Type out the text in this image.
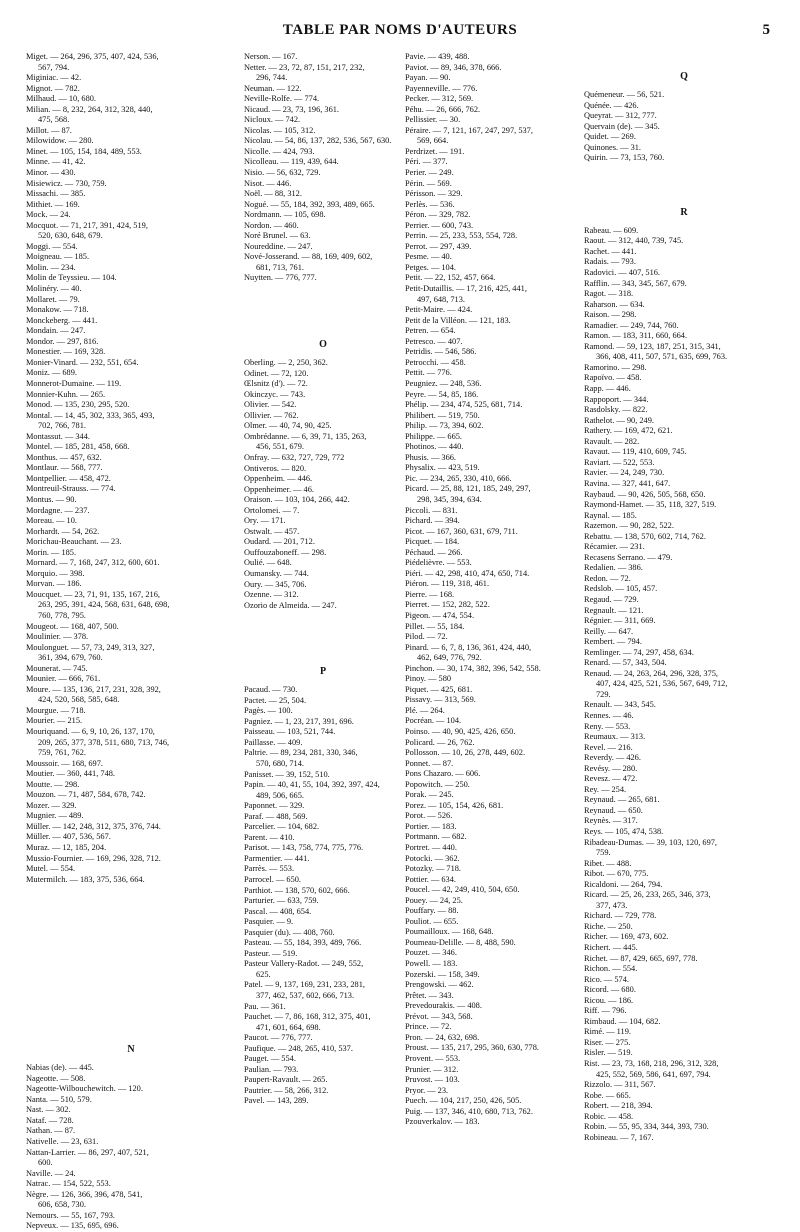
TABLE PAR NOMS D'AUTEURS	5
Miget. — 264, 296, 375, 407, 424, 536,
567, 794.
Miginiac. — 42.
Mignot. — 782.
Milhaud. — 10, 680.
Milian. — 8, 232, 264, 312, 328, 440,
475, 568.
Millot. — 87.
Milowidow. — 280.
Minet. — 105, 154, 184, 489, 553.
Minne. — 41, 42.
Minor. — 430.
Misiewicz. — 730, 759.
Missachi. — 385.
Mithiet. — 169.
Mock. — 24.
Mocquot. — 71, 217, 391, 424, 519,
520, 630, 648, 679.
Moggi. — 554.
Moigneau. — 185.
Molin. — 234.
Molin de Teyssieu. — 104.
Molinéry. — 40.
Mollaret. — 79.
Monakow. — 718.
Monckeberg. — 441.
Mondain. — 247.
Mondor. — 297, 816.
Monestier. — 169, 328.
Monier-Vinard. — 232, 551, 654.
Moniz. — 689.
Monnerot-Dumaine. — 119.
Monnier-Kuhn. — 265.
Monod. — 135, 230, 295, 520.
Montal. — 14, 45, 302, 333, 365, 493,
702, 766, 781.
Montassut. — 344.
Montel. — 185, 281, 458, 668.
Monthus. — 457, 632.
Montlaur. — 568, 777.
Montpellier. — 458, 472.
Montreuil-Strauss. — 774.
Montus. — 90.
Mordagne. — 237.
Moreau. — 10.
Morhardt. — 54, 262.
Morichau-Beauchant. — 23.
Morin. — 185.
Mornard. — 7, 168, 247, 312, 600, 601.
Morquio. — 398.
Morvan. — 186.
Moucquet. — 23, 71, 91, 135, 167, 216,
263, 295, 391, 424, 568, 631, 648, 698,
760, 778, 795.
Mougeot. — 168, 407, 500.
Moulinier. — 378.
Moulonguet. — 57, 73, 249, 313, 327,
361, 394, 679, 760.
Mounerat. — 745.
Mounier. — 666, 761.
Moure. — 135, 136, 217, 231, 328, 392,
424, 520, 568, 585, 648.
Mourgue. — 718.
Mourier. — 215.
Mouriquand. — 6, 9, 10, 26, 137, 170,
209, 265, 377, 378, 511, 680, 713, 746,
759, 761, 762.
Moussoir. — 168, 697.
Moutier. — 360, 441, 748.
Moutte. — 298.
Mouzon. — 71, 487, 584, 678, 742.
Mozer. — 329.
Mugnier. — 489.
Müller. — 142, 248, 312, 375, 376, 744.
Müller. — 407, 536, 567.
Muraz. — 12, 185, 204.
Mussio-Fournier. — 169, 296, 328, 712.
Mutel. — 554.
Mutermilch. — 183, 375, 536, 664.
N
Nabias (de). — 445.
Nageotte. — 508.
Nageotte-Wilbouchewitch. — 120.
Nanta. — 510, 579.
Nast. — 302.
Nataf. — 728.
Nathan. — 87.
Nativelle. — 23, 631.
Nattan-Larrier. — 86, 297, 407, 521,
600.
Naville. — 24.
Natrac. — 154, 522, 553.
Nègre. — 126, 366, 396, 478, 541,
606, 658, 730.
Nemours. — 55, 167, 793.
Nepveux. — 135, 695, 696.
Nerson. — 167.
Netter. — 23, 72, 87, 151, 217, 232,
296, 744.
Neuman. — 122.
Neville-Rolfe. — 774.
Nicaud. — 23, 73, 196, 361.
Nicloux. — 742.
Nicolas. — 105, 312.
Nicolau. — 54, 86, 137, 282, 536, 567, 630.
Nicolle. — 424, 793.
Nicolleau. — 119, 439, 644.
Nisio. — 56, 632, 729.
Nisot. — 446.
Noël. — 88, 312.
Nogué. — 55, 184, 392, 393, 489, 665.
Nordmann. — 105, 698.
Nordon. — 460.
Noré Brunel. — 63.
Noureddine. — 247.
Nové-Josserand. — 88, 169, 409, 602,
681, 713, 761.
Nuytten. — 776, 777.
O
Oberling. — 2, 250, 362.
Odinet. — 72, 120.
Œlsnitz (d'). — 72.
Okinczyc. — 743.
Olivier. — 542.
Ollivier. — 762.
Olmer. — 40, 74, 90, 425.
Ombrédanne. — 6, 39, 71, 135, 263,
456, 551, 679.
Onfray. — 632, 727, 729, 772
Ontiveros. — 820.
Oppenheim. — 446.
Oppenheimer. — 46.
Oraison. — 103, 104, 266, 442.
Ortolomei. — 7.
Ory. — 171.
Ostwalt. — 457.
Oudard. — 201, 712.
Ouffouzaboneff. — 298.
Oulié. — 648.
Oumansky. — 744.
Oury. — 345, 706.
Ozenne. — 312.
Ozorio de Almeida. — 247.
P
Pacaud. — 730.
Pactet. — 25, 504.
Pagès. — 100.
Pagniez. — 1, 23, 217, 391, 696.
Paisseau. — 103, 521, 744.
Paillasse. — 409.
Paltrie. — 89, 234, 281, 330, 346,
570, 680, 714.
Panisset. — 39, 152, 510.
Papin. — 40, 41, 55, 104, 392, 397, 424,
489, 506, 665.
Paponnet. — 329.
Paraf. — 488, 569.
Parcelier. — 104, 682.
Parent. — 410.
Parisot. — 143, 758, 774, 775, 776.
Parmentier. — 441.
Parrès. — 553.
Parrocel. — 650.
Parthiot. — 138, 570, 602, 666.
Parturier. — 633, 759.
Pascal. — 408, 654.
Pasquier. — 9.
Pasquier (du). — 408, 760.
Pasteau. — 55, 184, 393, 489, 766.
Pasteur. — 519.
Pasteur Vallery-Radot. — 249, 552,
625.
Patel. — 9, 137, 169, 231, 233, 281,
377, 462, 537, 602, 666, 713.
Pau. — 361.
Pauchet. — 7, 86, 168, 312, 375, 401,
471, 601, 664, 698.
Paucot. — 776, 777.
Paufique. — 248, 265, 410, 537.
Pauget. — 554.
Paulian. — 793.
Paupert-Ravault. — 265.
Pautrier. — 58, 266, 312.
Pavel. — 143, 289.
Pavie. — 439, 488.
Paviot. — 89, 346, 378, 666.
Payan. — 90.
Payenneville. — 776.
Pecker. — 312, 569.
Péhu. — 26, 666, 762.
Pellissier. — 30.
Péraire. — 7, 121, 167, 247, 297, 537,
569, 664.
Perdrizet. — 191.
Péri. — 377.
Perier. — 249.
Périn. — 569.
Périsson. — 329.
Perlès. — 536.
Péron. — 329, 782.
Perrier. — 600, 743.
Perrin. — 25, 233, 553, 554, 728.
Perrot. — 297, 439.
Pesme. — 40.
Petges. — 104.
Petit. — 22, 152, 457, 664.
Petit-Dutaillis. — 17, 216, 425, 441,
497, 648, 713.
Petit-Maire. — 424.
Petit de la Villéon. — 121, 183.
Petren. — 654.
Petresco. — 407.
Petridis. — 546, 586.
Petrocchi. — 458.
Pettit. — 776.
Peugniez. — 248, 536.
Peyre. — 54, 85, 186.
Phélip. — 234, 474, 525, 681, 714.
Philibert. — 519, 750.
Philip. — 73, 394, 602.
Philippe. — 665.
Photinos. — 440.
Phusis. — 366.
Physalix. — 423, 519.
Pic. — 234, 265, 330, 410, 666.
Picard. — 25, 88, 121, 185, 249, 297,
298, 345, 394, 634.
Piccoli. — 831.
Pichard. — 394.
Picot. — 167, 360, 631, 679, 711.
Picquet. — 184.
Péchaud. — 266.
Piédelièvre. — 553.
Piéri. — 42, 298, 410, 474, 650, 714.
Piéron. — 119, 318, 461.
Pierre. — 168.
Pierret. — 152, 282, 522.
Pigeon. — 474, 554.
Pillet. — 55, 184.
Pilod. — 72.
Pinard. — 6, 7, 8, 136, 361, 424, 440,
462, 649, 776, 792.
Pinchon. — 30, 174, 382, 396, 542, 558.
Pinoy. — 580
Piquet. — 425, 681.
Pissavy. — 313, 569.
Plé. — 264.
Pocréan. — 104.
Poinso. — 40, 90, 425, 426, 650.
Policard. — 26, 762.
Pollosson. — 10, 26, 278, 449, 602.
Ponnet. — 87.
Pons Chazaro. — 606.
Popowitch. — 250.
Porak. — 245.
Porez. — 105, 154, 426, 681.
Porot. — 526.
Portier. — 183.
Portmann. — 682.
Portret. — 440.
Potocki. — 362.
Potozky. — 718.
Pottier. — 634.
Poucel. — 42, 249, 410, 504, 650.
Pouey. — 24, 25.
Pouffary. — 88.
Pouliot. — 655.
Poumailloux. — 168, 648.
Poumeau-Delille. — 8, 488, 590.
Pouzet. — 346.
Powell. — 183.
Pozerski. — 158, 349.
Prengowski. — 462.
Prêtet. — 343.
Prevedourakis. — 408.
Prévot. — 343, 568.
Prince. — 72.
Pron. — 24, 632, 698.
Proust. — 135, 217, 295, 360, 630, 778.
Provent. — 553.
Prunier. — 312.
Pruvost. — 103.
Pryor. — 23.
Puech. — 104, 217, 250, 426, 505.
Puig. — 137, 346, 410, 680, 713, 762.
Pzouverkalov. — 183.
Q
Quémeneur. — 56, 521.
Quénée. — 426.
Queyrat. — 312, 777.
Quervain (de). — 345.
Quidet. — 269.
Quinones. — 31.
Quirin. — 73, 153, 760.
R
Rabeau. — 609.
Raout. — 312, 440, 739, 745.
Rachet. — 441.
Radais. — 793.
Radovici. — 407, 516.
Rafflin. — 343, 345, 567, 679.
Ragot. — 318.
Raharson. — 634.
Raison. — 298.
Ramadier. — 249, 744, 760.
Ramon. — 183, 311, 660, 664.
Ramond. — 59, 123, 187, 251, 315, 341,
366, 408, 411, 507, 571, 635, 699, 763.
Ramorino. — 298.
Rapoïvo. — 458.
Rapp. — 446.
Rappoport. — 344.
Rasdolsky. — 822.
Rathelot. — 90, 249.
Rathery. — 169, 472, 621.
Ravault. — 282.
Ravaut. — 119, 410, 609, 745.
Raviart. — 522, 553.
Ravier. — 24, 249, 730.
Ravina. — 327, 441, 647.
Raybaud. — 90, 426, 505, 568, 650.
Raymond-Hamet. — 35, 118, 327, 519.
Raynal. — 185.
Razemon. — 90, 282, 522.
Rebattu. — 138, 570, 602, 714, 762.
Récamier. — 231.
Recasens Serrano. — 479.
Redalien. — 386.
Redon. — 72.
Redslob. — 105, 457.
Regaud. — 729.
Regnault. — 121.
Régnier. — 311, 669.
Reilly. — 647.
Rembert. — 794.
Remlinger. — 74, 297, 458, 634.
Renard. — 57, 343, 504.
Renaud. — 24, 263, 264, 296, 328, 375,
407, 424, 425, 521, 536, 567, 649, 712,
729.
Renault. — 343, 545.
Rennes. — 46.
Reny. — 553.
Reumaux. — 313.
Revel. — 216.
Reverdy. — 426.
Revésy. — 280.
Revesz. — 472.
Rey. — 254.
Reynaud. — 265, 681.
Reynaud. — 650.
Reynès. — 317.
Reys. — 105, 474, 538.
Ribadeau-Dumas. — 39, 103, 120, 697,
759.
Ribet. — 488.
Ribot. — 670, 775.
Ricaldoni. — 264, 794.
Ricard. — 25, 26, 233, 265, 346, 373,
377, 473.
Richard. — 729, 778.
Riche. — 250.
Richer. — 169, 473, 602.
Richert. — 445.
Richet. — 87, 429, 665, 697, 778.
Richon. — 554.
Rico. — 574.
Ricord. — 680.
Ricou. — 186.
Riff. — 796.
Rimbaud. — 104, 682.
Rimé. — 119.
Riser. — 275.
Risler. — 519.
Rist. — 23, 73, 168, 218, 296, 312, 328,
425, 552, 569, 586, 641, 697, 794.
Rizzolo. — 311, 567.
Robe. — 665.
Robert. — 218, 394.
Robic. — 458.
Robin. — 55, 95, 334, 344, 393, 730.
Robineau. — 7, 167.
